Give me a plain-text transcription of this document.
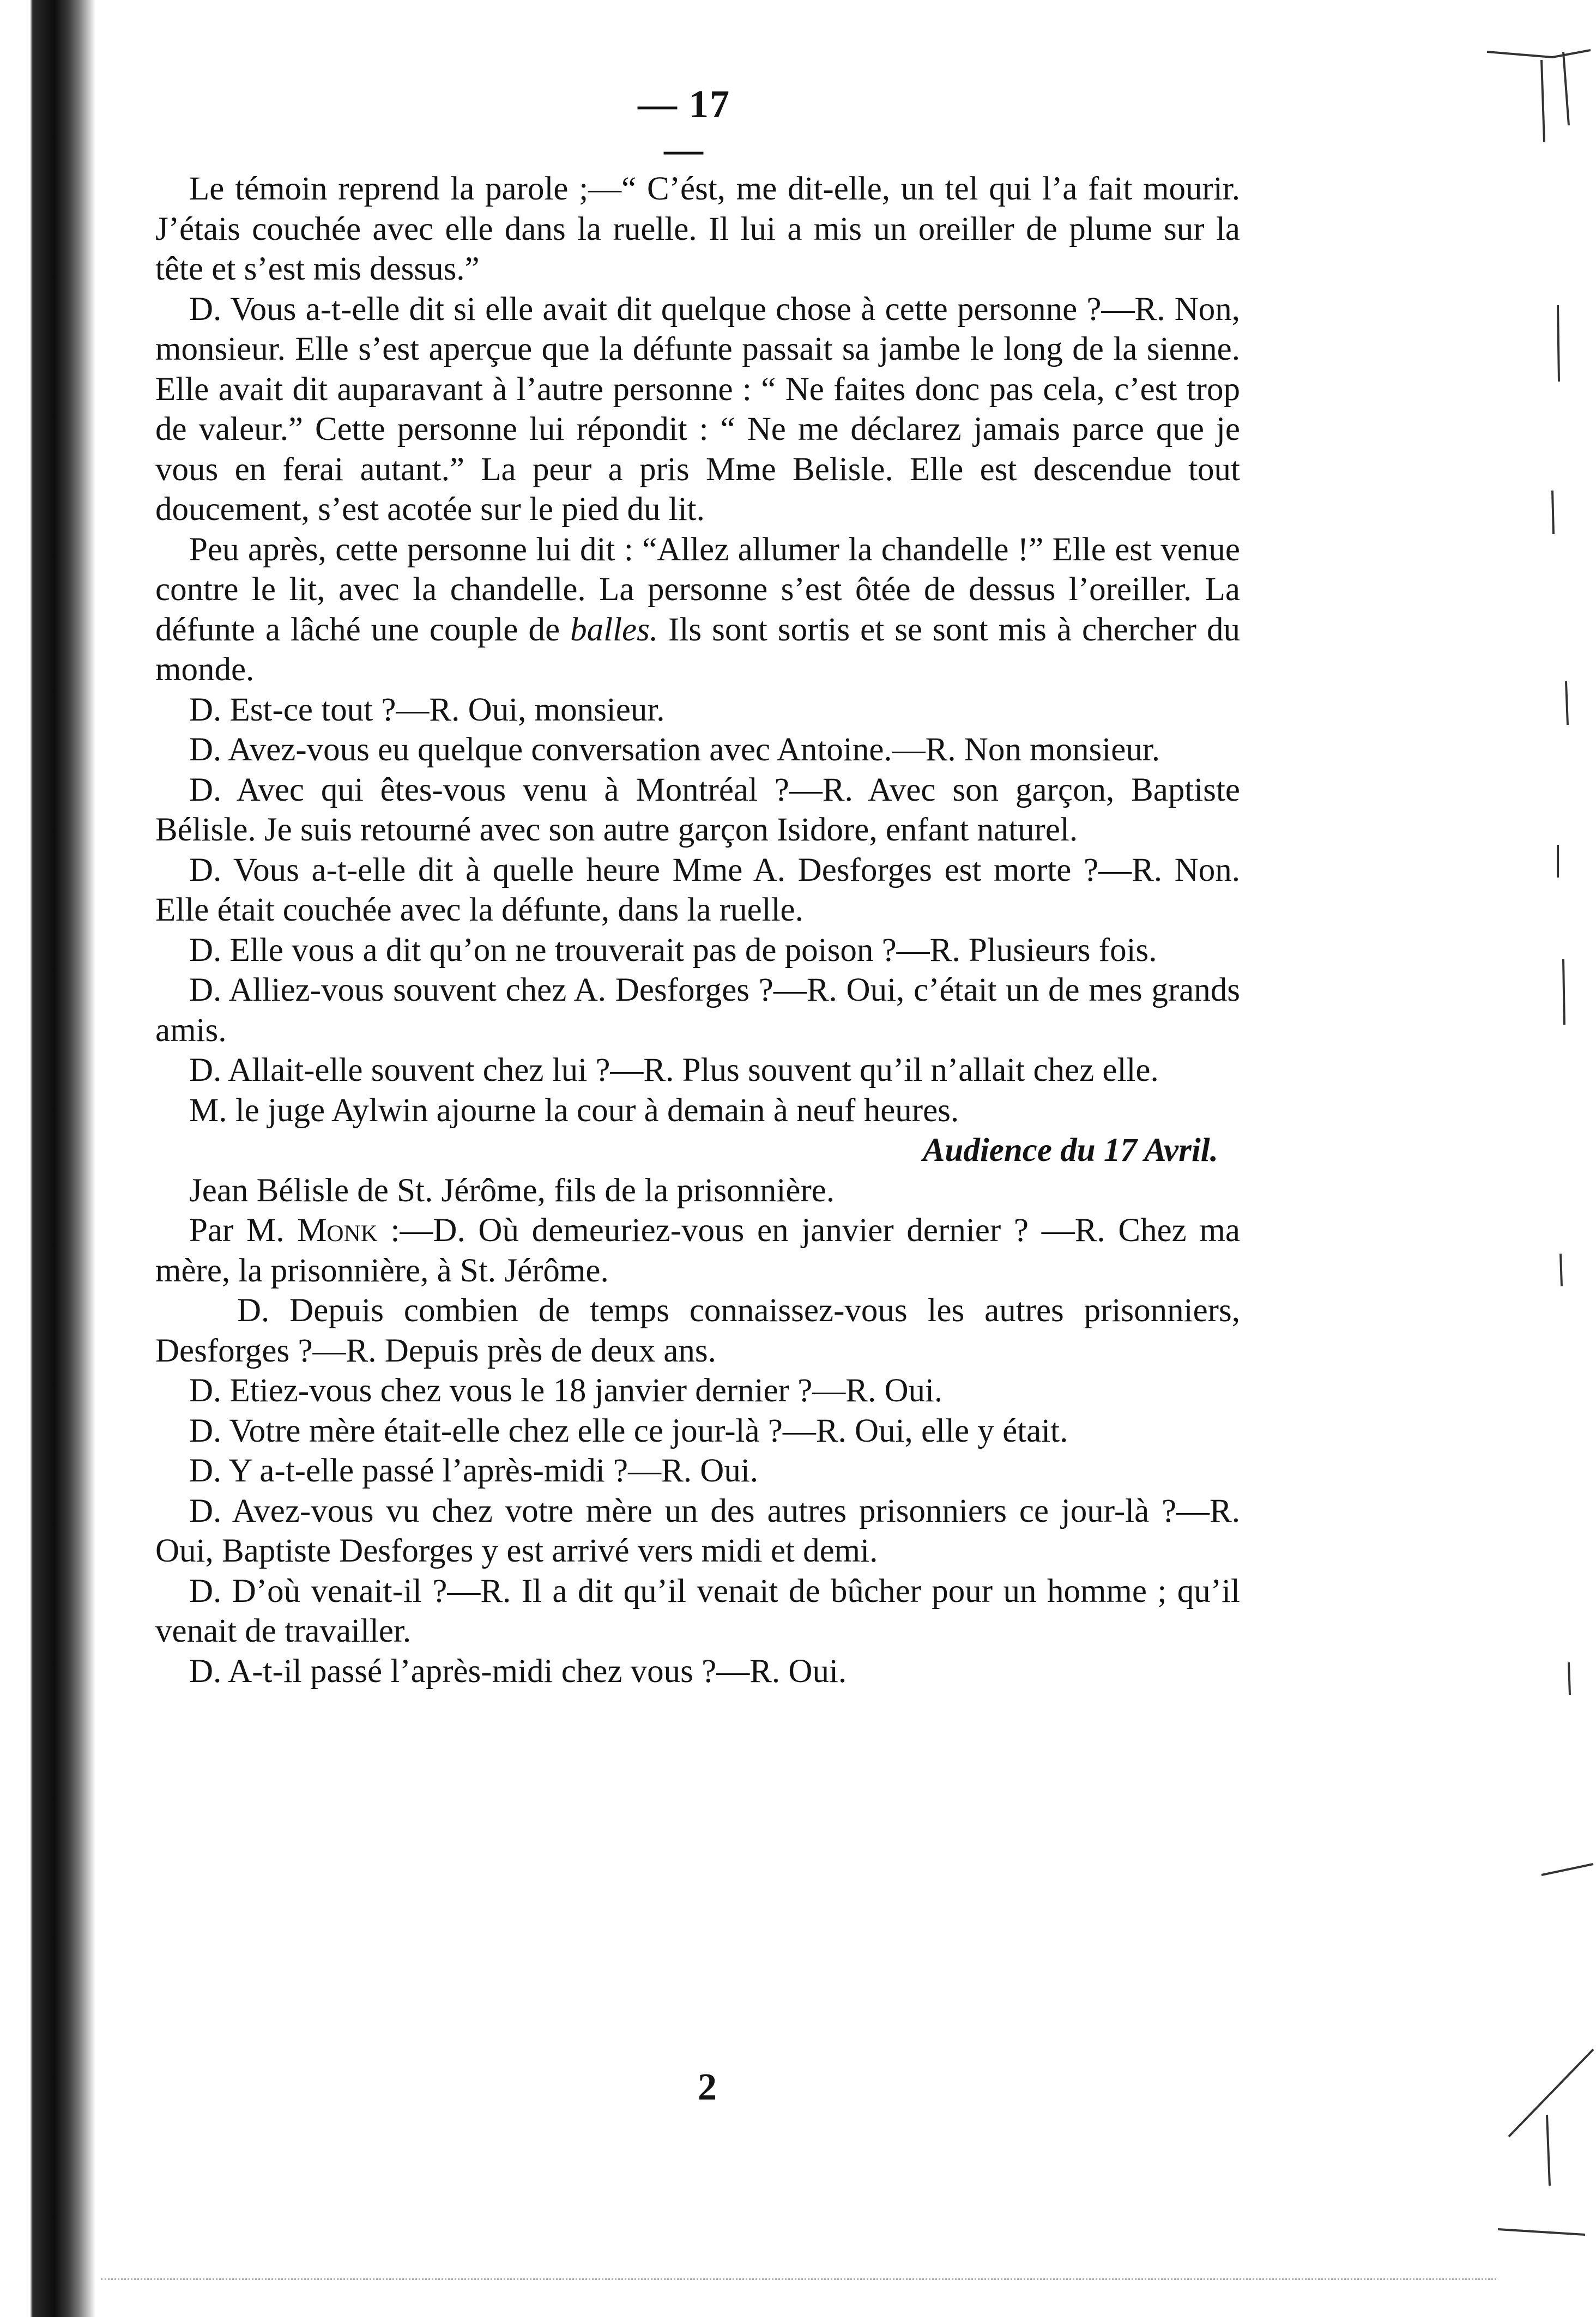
— 17 —

Le témoin reprend la parole ;—“ C’ést, me dit-elle, un tel qui l’a fait mourir. J’étais couchée avec elle dans la ruelle. Il lui a mis un oreiller de plume sur la tête et s’est mis dessus.”

D. Vous a-t-elle dit si elle avait dit quelque chose à cette personne ?—R. Non, monsieur. Elle s’est aperçue que la défunte passait sa jambe le long de la sienne. Elle avait dit auparavant à l’autre personne : “ Ne faites donc pas cela, c’est trop de valeur.” Cette personne lui répondit : “ Ne me déclarez jamais parce que je vous en ferai autant.” La peur a pris Mme Belisle. Elle est descendue tout doucement, s’est acotée sur le pied du lit.

Peu après, cette personne lui dit : “Allez allumer la chandelle !” Elle est venue contre le lit, avec la chandelle. La personne s’est ôtée de dessus l’oreiller. La défunte a lâché une couple de balles. Ils sont sortis et se sont mis à chercher du monde.

D. Est-ce tout ?—R. Oui, monsieur.

D. Avez-vous eu quelque conversation avec Antoine.—R. Non monsieur.

D. Avec qui êtes-vous venu à Montréal ?—R. Avec son garçon, Baptiste Bélisle. Je suis retourné avec son autre garçon Isidore, enfant naturel.

D. Vous a-t-elle dit à quelle heure Mme A. Desforges est morte ?—R. Non. Elle était couchée avec la défunte, dans la ruelle.

D. Elle vous a dit qu’on ne trouverait pas de poison ?—R. Plusieurs fois.

D. Alliez-vous souvent chez A. Desforges ?—R. Oui, c’était un de mes grands amis.

D. Allait-elle souvent chez lui ?—R. Plus souvent qu’il n’allait chez elle.

M. le juge Aylwin ajourne la cour à demain à neuf heures.

Audience du 17 Avril.

Jean Bélisle de St. Jérôme, fils de la prisonnière.

Par M. Monk :—D. Où demeuriez-vous en janvier dernier ? —R. Chez ma mère, la prisonnière, à St. Jérôme.

D. Depuis combien de temps connaissez-vous les autres prisonniers, Desforges ?—R. Depuis près de deux ans.

D. Etiez-vous chez vous le 18 janvier dernier ?—R. Oui.

D. Votre mère était-elle chez elle ce jour-là ?—R. Oui, elle y était.

D. Y a-t-elle passé l’après-midi ?—R. Oui.

D. Avez-vous vu chez votre mère un des autres prisonniers ce jour-là ?—R. Oui, Baptiste Desforges y est arrivé vers midi et demi.

D. D’où venait-il ?—R. Il a dit qu’il venait de bûcher pour un homme ; qu’il venait de travailler.

D. A-t-il passé l’après-midi chez vous ?—R. Oui.

2
